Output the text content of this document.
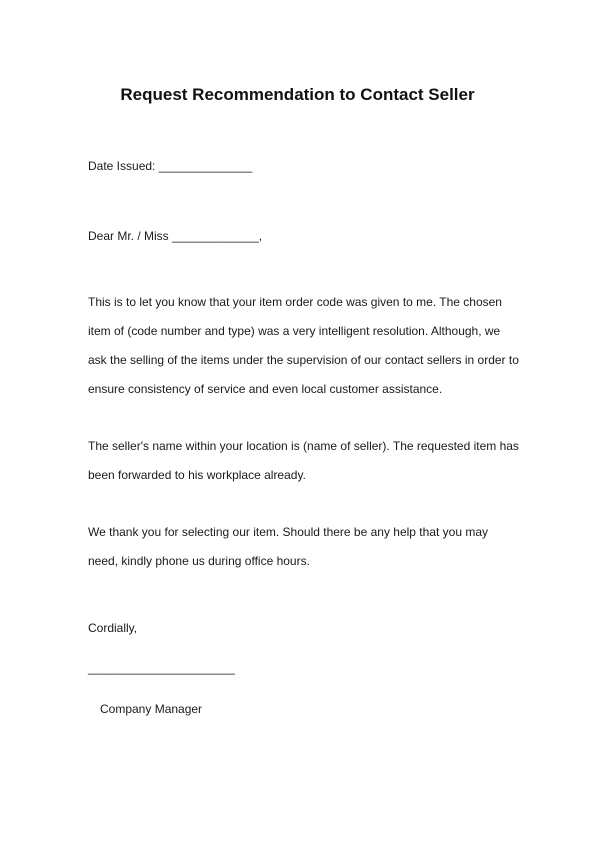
Request Recommendation to Contact Seller
Date Issued: ______________
Dear Mr. / Miss _____________,
This is to let you know that your item order code was given to me. The chosen
item of (code number and type) was a very intelligent resolution. Although, we
ask the selling of the items under the supervision of our contact sellers in order to
ensure consistency of service and even local customer assistance.
The seller's name within your location is (name of seller). The requested item has
been forwarded to his workplace already.
We thank you for selecting our item. Should there be any help that you may
need, kindly phone us during office hours.
Cordially,
______________________
Company Manager
